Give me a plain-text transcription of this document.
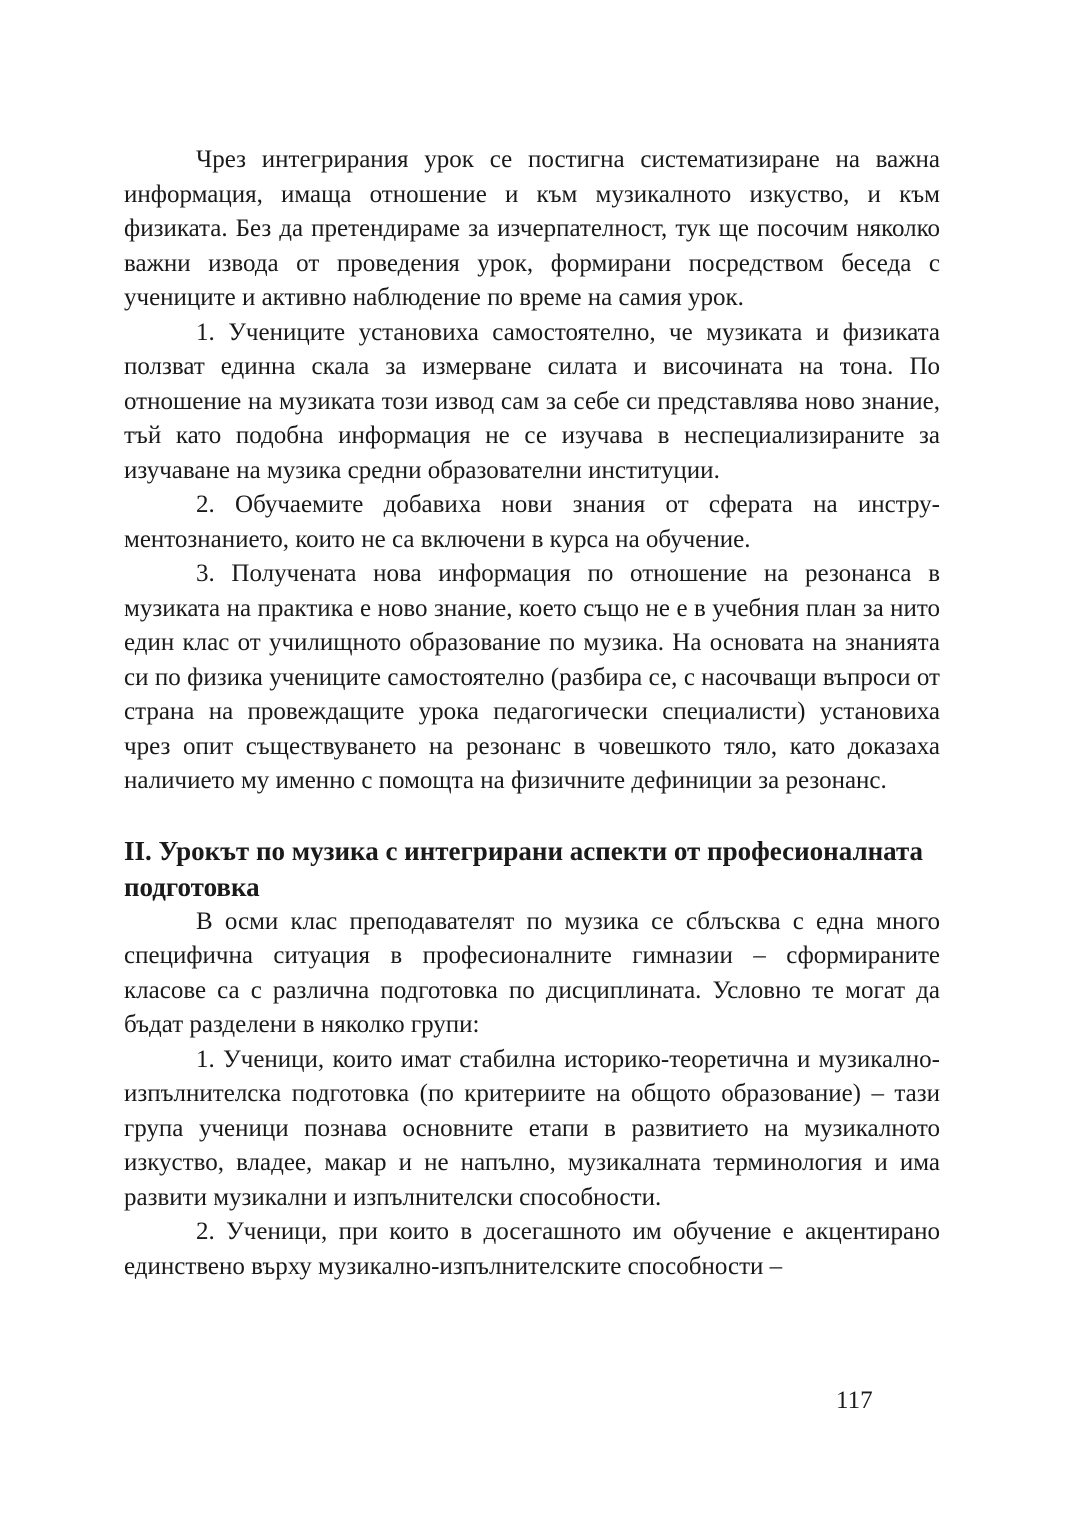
Чрез интегрирания урок се постигна систематизиране на важна информация, имаща отношение и към музикалното изкуство, и към физиката. Без да претендираме за изчерпателност, тук ще посочим няколко важни извода от проведения урок, формирани посредством беседа с учениците и активно наблюдение по време на самия урок.

1. Учениците установиха самостоятелно, че музиката и физиката ползват единна скала за измерване силата и височината на тона. По отношение на музиката този извод сам за себе си представлява ново знание, тъй като подобна информация не се изучава в неспециализираните за изучаване на музика средни образователни институции.

2. Обучаемите добавиха нови знания от сферата на инструментознанието, които не са включени в курса на обучение.

3. Получената нова информация по отношение на резонанса в музиката на практика е ново знание, което също не е в учебния план за нито един клас от училищното образование по музика. На основата на знанията си по физика учениците самостоятелно (разбира се, с насочващи въпроси от страна на провеждащите урока педагогически специалисти) установиха чрез опит съществуването на резонанс в човешкото тяло, като доказаха наличието му именно с помощта на физичните дефиниции за резонанс.

II. Урокът по музика с интегрирани аспекти от професионалната подготовка

В осми клас преподавателят по музика се сблъсква с една много специфична ситуация в професионалните гимназии – сформираните класове са с различна подготовка по дисциплината. Условно те могат да бъдат разделени в няколко групи:

1. Ученици, които имат стабилна историко-теоретична и музикално-изпълнителска подготовка (по критериите на общото образование) – тази група ученици познава основните етапи в развитието на музикалното изкуство, владее, макар и не напълно, музикалната терминология и има развити музикални и изпълнителски способности.

2. Ученици, при които в досегашното им обучение е акцентирано единствено върху музикално-изпълнителските способности –

117
